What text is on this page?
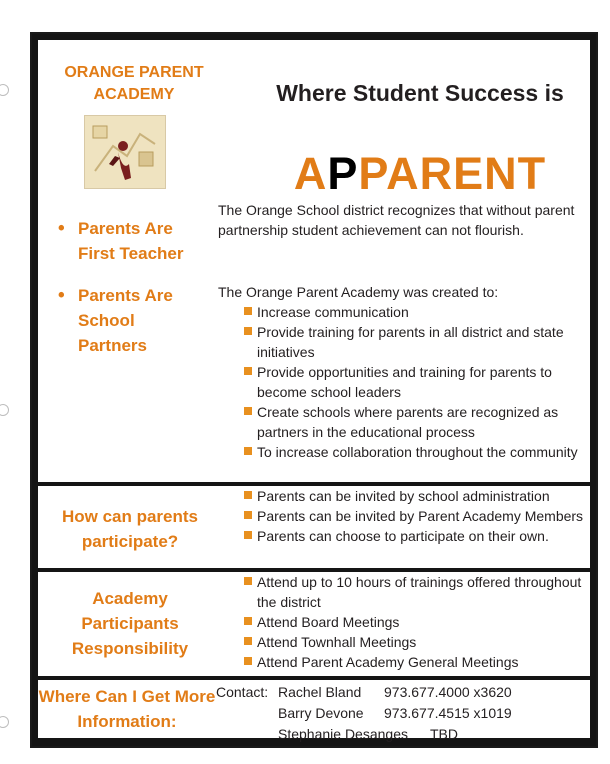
ORANGE PARENT ACADEMY	Where Student Success is
APPARENT
• Parents Are First Teacher
• Parents Are School Partners
The Orange School district recognizes that without parent partnership student achievement can not flourish.
The Orange Parent Academy was created to:
Increase communication
Provide training for parents in all district and state initiatives
Provide opportunities and training for parents to become school leaders
Create schools where parents are recognized as partners in the educational process
To increase collaboration throughout the community
How can parents participate?
Parents can be invited by school administration
Parents can be invited by Parent Academy Members
Parents can choose to participate on their own.
Academy Participants Responsibility
Attend up to 10 hours of trainings offered throughout the district
Attend Board Meetings
Attend Townhall Meetings
Attend Parent Academy General Meetings
Where Can I Get More Information:
Contact: Rachel Bland 973.677.4000 x3620
Barry Devone 973.677.4515 x1019
Stephanie Desanges TBD
